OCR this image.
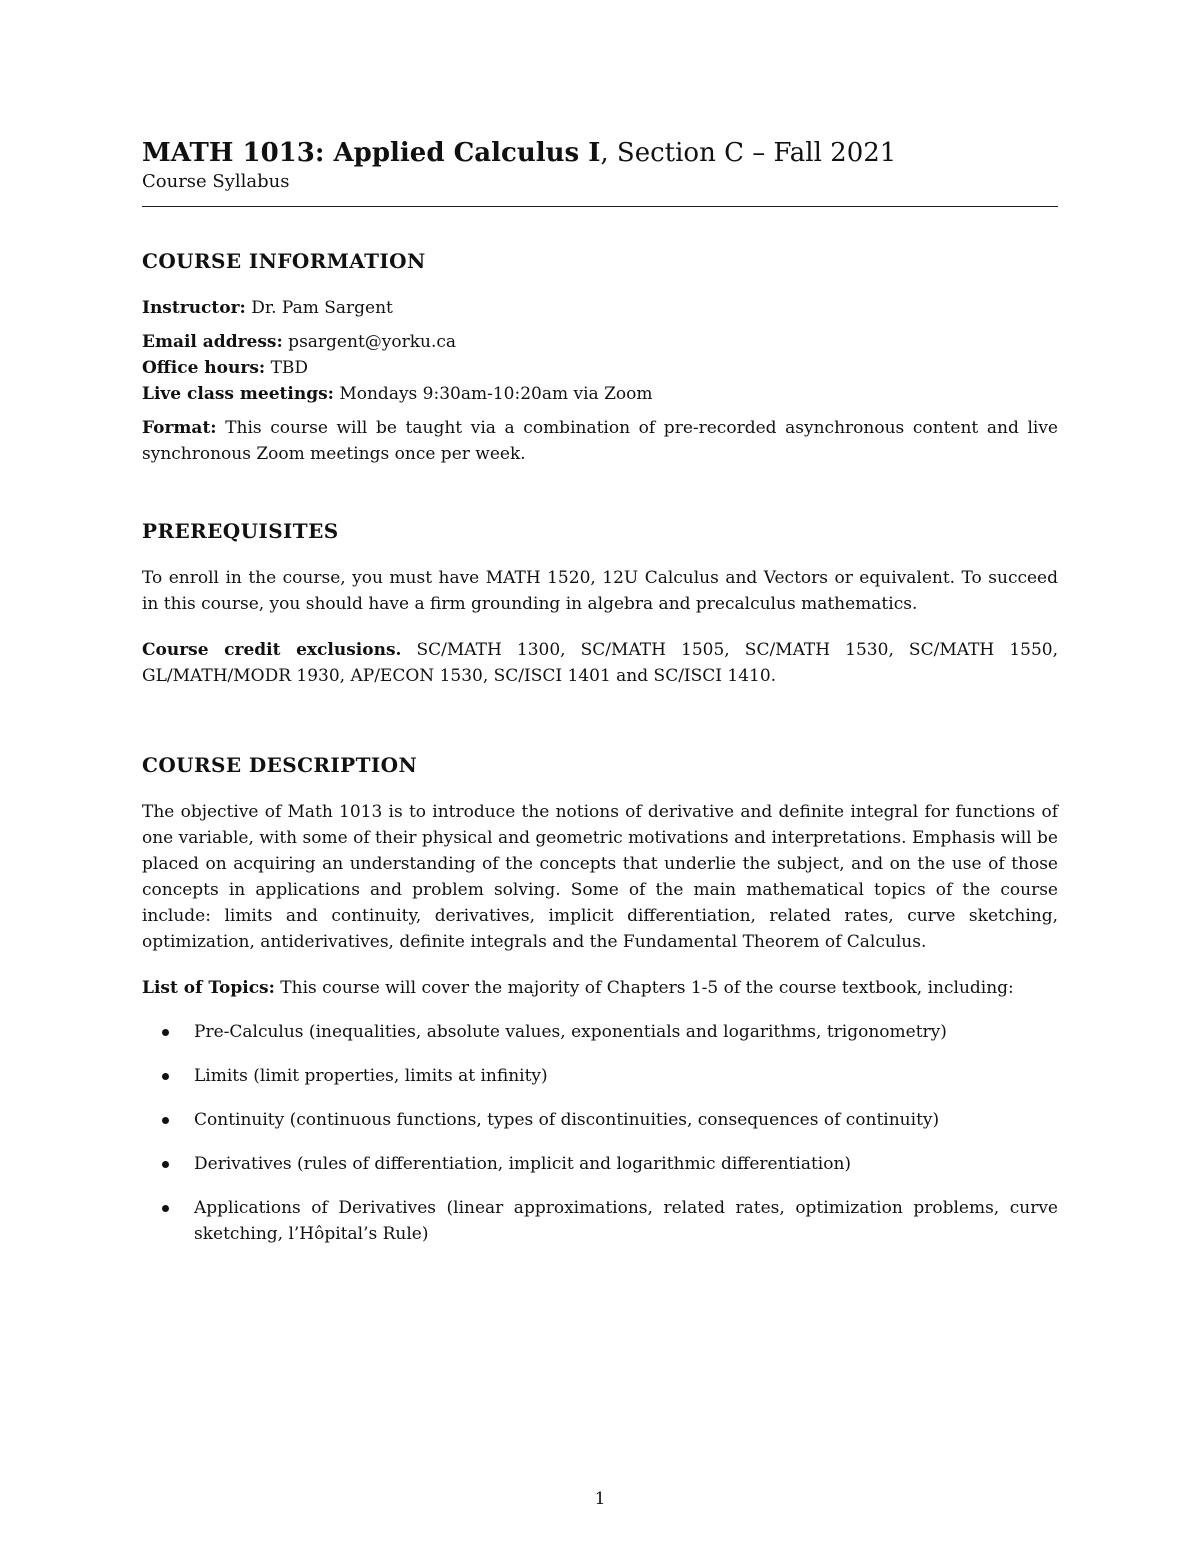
MATH 1013: Applied Calculus I, Section C – Fall 2021
Course Syllabus
COURSE INFORMATION

Instructor: Dr. Pam Sargent

Email address: psargent@yorku.ca

Office hours: TBD

Live class meetings: Mondays 9:30am-10:20am via Zoom

Format: This course will be taught via a combination of pre-recorded asynchronous content and live synchronous Zoom meetings once per week.

PREREQUISITES

To enroll in the course, you must have MATH 1520, 12U Calculus and Vectors or equivalent. To succeed in this course, you should have a firm grounding in algebra and precalculus mathematics.

Course credit exclusions. SC/MATH 1300, SC/MATH 1505, SC/MATH 1530, SC/MATH 1550, GL/MATH/MODR 1930, AP/ECON 1530, SC/ISCI 1401 and SC/ISCI 1410.

COURSE DESCRIPTION

The objective of Math 1013 is to introduce the notions of derivative and definite integral for functions of one variable, with some of their physical and geometric motivations and interpretations. Emphasis will be placed on acquiring an understanding of the concepts that underlie the subject, and on the use of those concepts in applications and problem solving. Some of the main mathematical topics of the course include: limits and continuity, derivatives, implicit differentiation, related rates, curve sketching, optimization, antiderivatives, definite integrals and the Fundamental Theorem of Calculus.

List of Topics: This course will cover the majority of Chapters 1-5 of the course textbook, including:

Pre-Calculus (inequalities, absolute values, exponentials and logarithms, trigonometry)
Limits (limit properties, limits at infinity)
Continuity (continuous functions, types of discontinuities, consequences of continuity)
Derivatives (rules of differentiation, implicit and logarithmic differentiation)
Applications of Derivatives (linear approximations, related rates, optimization problems, curve sketching, l’Hôpital’s Rule)
1
